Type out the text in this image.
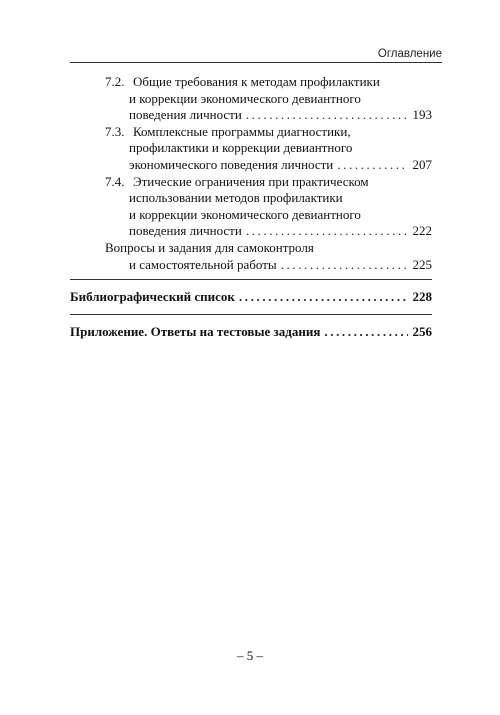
Оглавление
7.2. Общие требования к методам профилактики
и коррекции экономического девиантного
поведения личности .....	193
7.3. Комплексные программы диагностики,
профилактики и коррекции девиантного
экономического поведения личности .....	207
7.4. Этические ограничения при практическом
использовании методов профилактики
и коррекции экономического девиантного
поведения личности .....	222
Вопросы и задания для самоконтроля
и самостоятельной работы .....	225
Библиографический список .....	228
Приложение. Ответы на тестовые задания .....	256
– 5 –
